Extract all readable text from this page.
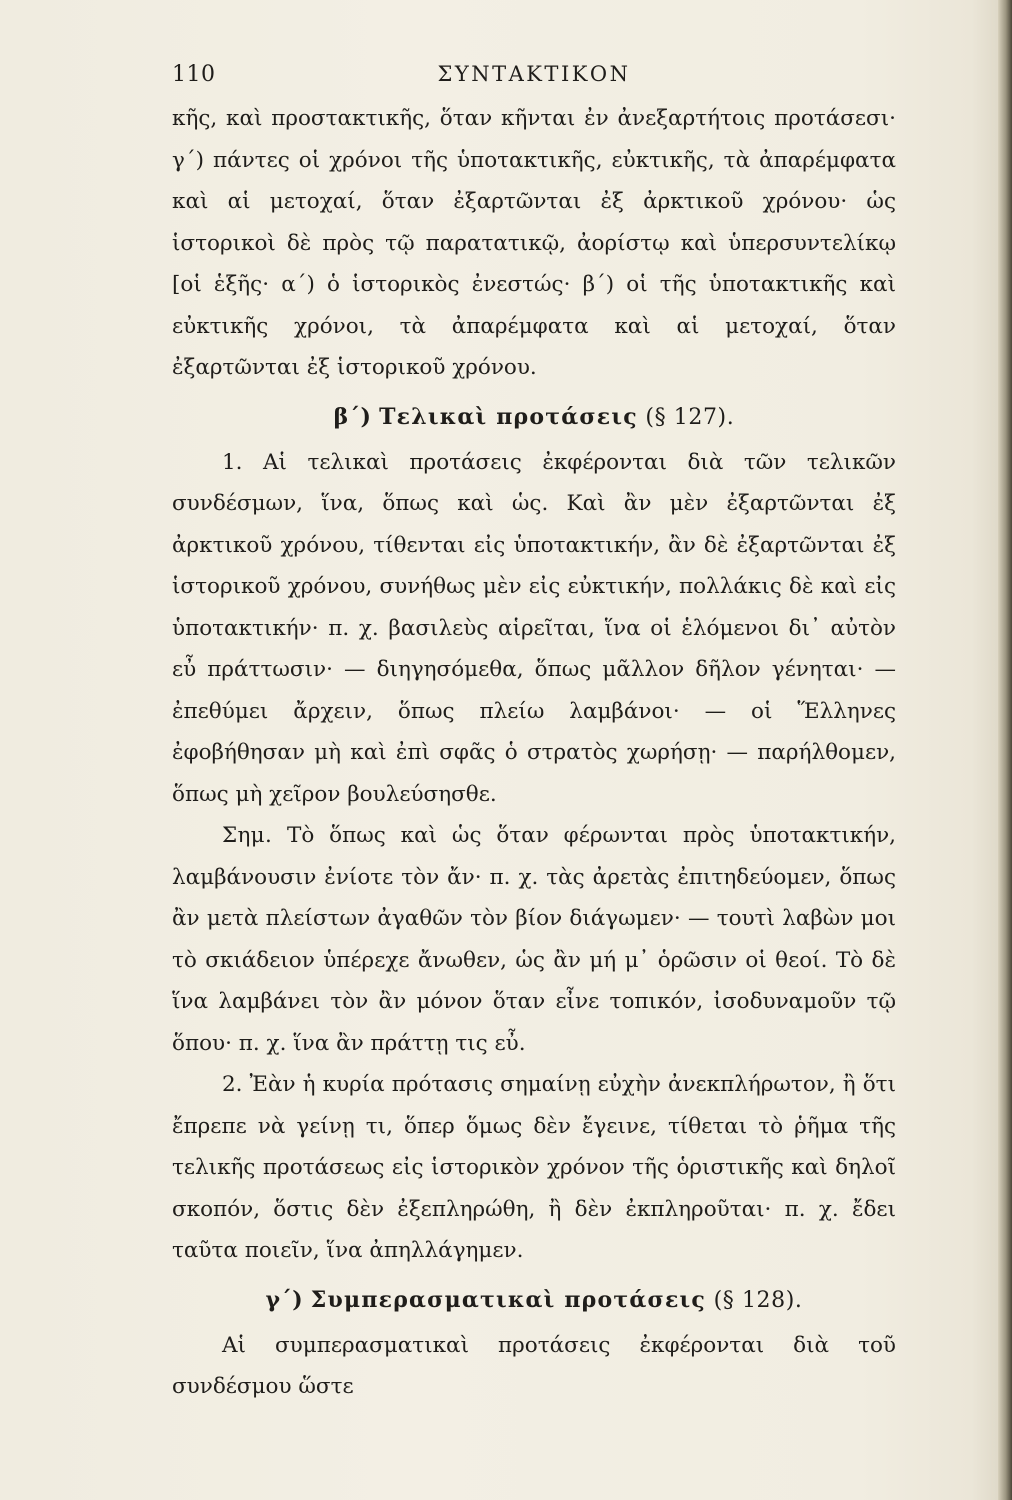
110	ΣΥΝΤΑΚΤΙΚΟΝ

κῆς, καὶ προστακτικῆς, ὅταν κῆνται ἐν ἀνεξαρτήτοις προτάσεσι· γ΄) πάντες οἱ χρόνοι τῆς ὑποτακτικῆς, εὐκτικῆς, τὰ ἀπαρέμφατα καὶ αἱ μετοχαί, ὅταν ἐξαρτῶνται ἐξ ἀρκτικοῦ χρόνου· ὡς ἱστορικοὶ δὲ πρὸς τῷ παρατατικῷ, ἀορίστῳ καὶ ὑπερσυντελίκῳ [οἱ ἑξῆς· α΄) ὁ ἱστορικὸς ἐνεστώς· β΄) οἱ τῆς ὑποτακτικῆς καὶ εὐκτικῆς χρόνοι, τὰ ἀπαρέμφατα καὶ αἱ μετοχαί, ὅταν ἐξαρτῶνται ἐξ ἱστορικοῦ χρόνου.

β΄) Τελικαὶ προτάσεις (§ 127).

1. Αἱ τελικαὶ προτάσεις ἐκφέρονται διὰ τῶν τελικῶν συνδέσμων, ἵνα, ὅπως καὶ ὡς. Καὶ ἂν μὲν ἐξαρτῶνται ἐξ ἀρκτικοῦ χρόνου, τίθενται εἰς ὑποτακτικήν, ἂν δὲ ἐξαρτῶνται ἐξ ἱστορικοῦ χρόνου, συνήθως μὲν εἰς εὐκτικήν, πολλάκις δὲ καὶ εἰς ὑποτακτικήν· π. χ. βασιλεὺς αἱρεῖται, ἵνα οἱ ἑλόμενοι δι᾿ αὐτὸν εὖ πράττωσιν· — διηγησόμεθα, ὅπως μᾶλλον δῆλον γένηται· — ἐπεθύμει ἄρχειν, ὅπως πλείω λαμβάνοι· — οἱ Ἕλληνες ἐφοβήθησαν μὴ καὶ ἐπὶ σφᾶς ὁ στρατὸς χωρήσῃ· — παρήλθομεν, ὅπως μὴ χεῖρον βουλεύσησθε.

Σημ. Τὸ ὅπως καὶ ὡς ὅταν φέρωνται πρὸς ὑποτακτικήν, λαμβάνουσιν ἐνίοτε τὸν ἄν· π. χ. τὰς ἀρετὰς ἐπιτηδεύομεν, ὅπως ἂν μετὰ πλείστων ἀγαθῶν τὸν βίον διάγωμεν· — τουτὶ λαβὼν μοι τὸ σκιάδειον ὑπέρεχε ἄνωθεν, ὡς ἂν μή μ᾿ ὁρῶσιν οἱ θεοί. Τὸ δὲ ἵνα λαμβάνει τὸν ἂν μόνον ὅταν εἶνε τοπικόν, ἰσοδυναμοῦν τῷ ὅπου· π. χ. ἵνα ἂν πράττῃ τις εὖ.

2. Ἐὰν ἡ κυρία πρότασις σημαίνῃ εὐχὴν ἀνεκπλήρωτον, ἢ ὅτι ἔπρεπε νὰ γείνῃ τι, ὅπερ ὅμως δὲν ἔγεινε, τίθεται τὸ ῥῆμα τῆς τελικῆς προτάσεως εἰς ἱστορικὸν χρόνον τῆς ὁριστικῆς καὶ δηλοῖ σκοπόν, ὅστις δὲν ἐξεπληρώθη, ἢ δὲν ἐκπληροῦται· π. χ. ἔδει ταῦτα ποιεῖν, ἵνα ἀπηλλάγημεν.

γ΄) Συμπερασματικαὶ προτάσεις (§ 128).

Αἱ συμπερασματικαὶ προτάσεις ἐκφέρονται διὰ τοῦ συνδέσμου ὥστε
